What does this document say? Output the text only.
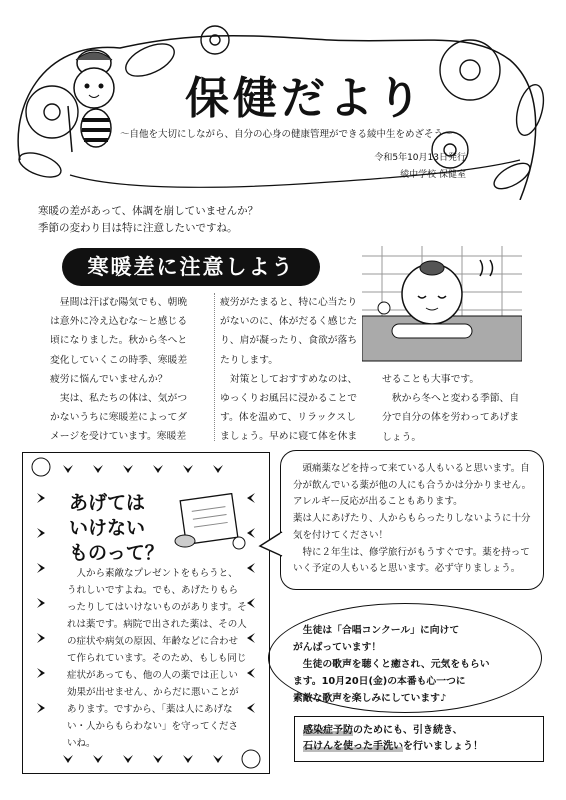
保健だより
～自他を大切にしながら、自分の心身の健康管理ができる綾中生をめざそう～
令和5年10月13日発行
綾中学校 保健室
寒暖の差があって、体調を崩していませんか？
季節の変わり目は特に注意したいですね。
寒暖差に注意しよう

　昼間は汗ばむ陽気でも、朝晩

は意外に冷え込むな～と感じる

頃になりました。秋から冬へと

変化していくこの時季、寒暖差

疲労に悩んでいませんか？

　実は、私たちの体は、気がつ

かないうちに寒暖差によってダ

メージを受けています。寒暖差

疲労がたまると、特に心当たり

がないのに、体がだるく感じた

り、肩が凝ったり、食欲が落ち

たりします。

　対策としておすすめなのは、

ゆっくりお風呂に浸かることで

す。体を温めて、リラックスし

ましょう。早めに寝て体を休ま

せることも大事です。

　秋から冬へと変わる季節、自

分で自分の体を労わってあげま

しょう。

あげては
いけない
ものって？
人から素敵なプレゼントをもらうと、うれしいですよね。でも、あげたりもらったりしてはいけないものがあります。それは薬です。病院で出された薬は、その人の症状や病気の原因、年齢などに合わせて作られています。そのため、もしも同じ症状があっても、他の人の薬では正しい効果が出せません、からだに悪いことがあります。ですから、「薬は人にあげない・人からもらわない」を守ってくださいね。
　頭痛薬などを持って来ている人もいると思います。自分が飲んでいる薬が他の人にも合うかは分かりません。アレルギー反応が出ることもあります。
薬は人にあげたり、人からもらったりしないように十分気を付けてください！
　特に２年生は、修学旅行がもうすぐです。薬を持っていく予定の人もいると思います。必ず守りましょう。
　生徒は「合唱コンクール」に向けて
がんばっています！
　生徒の歌声を聴くと癒され、元気をもらい
ます。10月20日(金)の本番も心一つに
素敵な歌声を楽しみにしています♪
感染症予防のためにも、引き続き、
石けんを使った手洗いを行いましょう！
